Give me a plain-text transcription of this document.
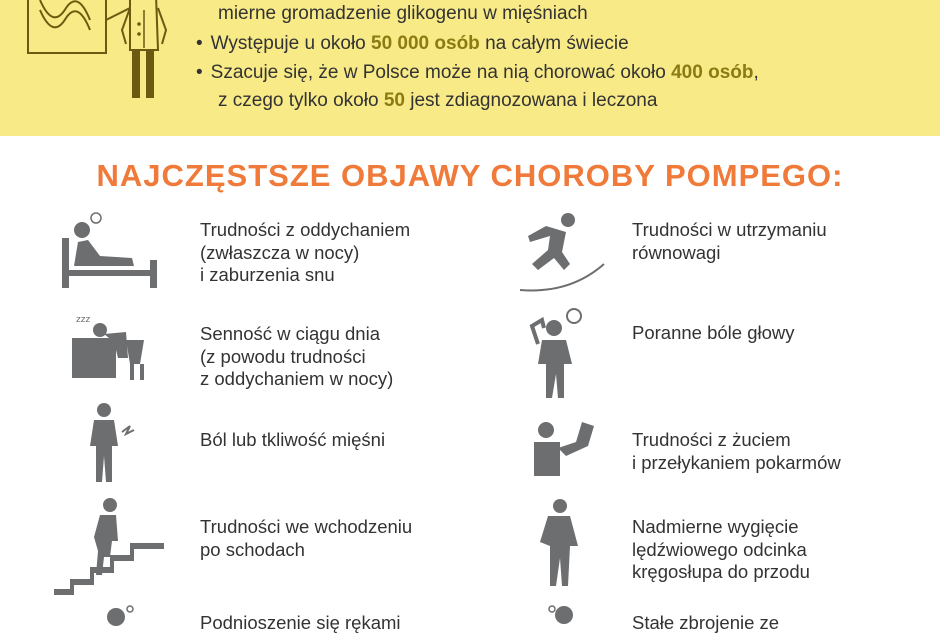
mierne gromadzenie glikogenu w mięśniach
• Występuje u około 50 000 osób na całym świecie
• Szacuje się, że w Polsce może na nią chorować około 400 osób,
z czego tylko około 50 jest zdiagnozowana i leczona
NAJCZĘSTSZE OBJAWY CHOROBY POMPEGO:
Trudności z oddychaniem
(zwłaszcza w nocy)
i zaburzenia snu
zzz
Senność w ciągu dnia
(z powodu trudności
z oddychaniem w nocy)
Ból lub tkliwość mięśni
Trudności we wchodzeniu
po schodach
Podnioszenie się rękami
Trudności w utrzymaniu
równowagi
Poranne bóle głowy
Trudności z żuciem
i przełykaniem pokarmów
Nadmierne wygięcie
lędźwiowego odcinka
kręgosłupa do przodu
Stałe zbrojenie ze
